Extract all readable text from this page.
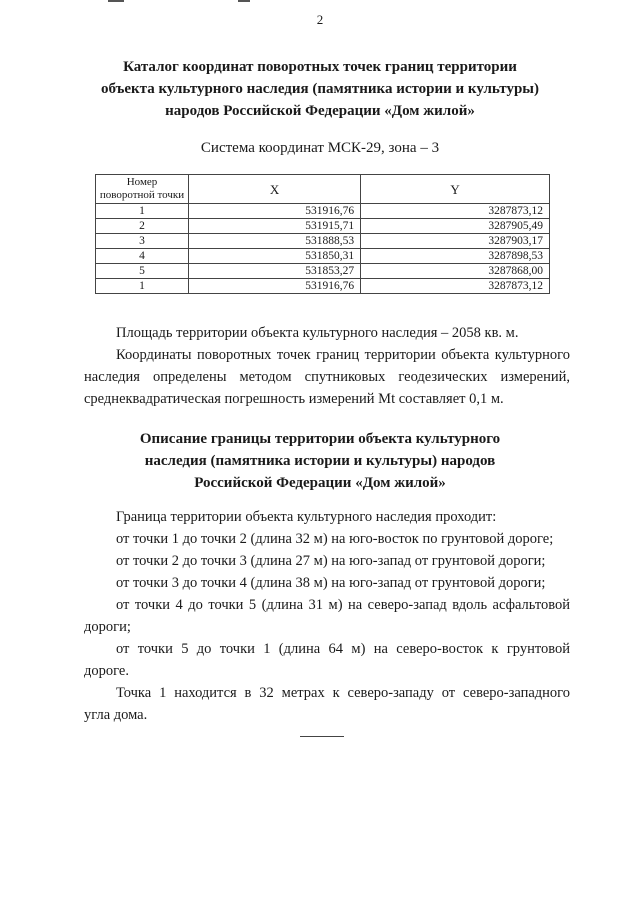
2
Каталог координат поворотных точек границ территории
объекта культурного наследия (памятника истории и культуры)
народов Российской Федерации «Дом жилой»
Система координат МСК-29, зона – 3
Номер поворотной точки	X	Y
1	531916,76	3287873,12
2	531915,71	3287905,49
3	531888,53	3287903,17
4	531850,31	3287898,53
5	531853,27	3287868,00
1	531916,76	3287873,12
Площадь территории объекта культурного наследия – 2058 кв. м.
Координаты поворотных точек границ территории объекта культурного
наследия определены методом спутниковых геодезических измерений,
среднеквадратическая погрешность измерений Mt составляет 0,1 м.
Описание границы территории объекта культурного
наследия (памятника истории и культуры) народов
Российской Федерации «Дом жилой»
Граница территории объекта культурного наследия проходит:
от точки 1 до точки 2 (длина 32 м) на юго-восток по грунтовой дороге;
от точки 2 до точки 3 (длина 27 м) на юго-запад от грунтовой дороги;
от точки 3 до точки 4 (длина 38 м) на юго-запад от грунтовой дороги;
от точки 4 до точки 5 (длина 31 м) на северо-запад вдоль асфальтовой
дороги;
от точки 5 до точки 1 (длина 64 м) на северо-восток к грунтовой
дороге.
Точка 1 находится в 32 метрах к северо-западу от северо-западного
угла дома.
